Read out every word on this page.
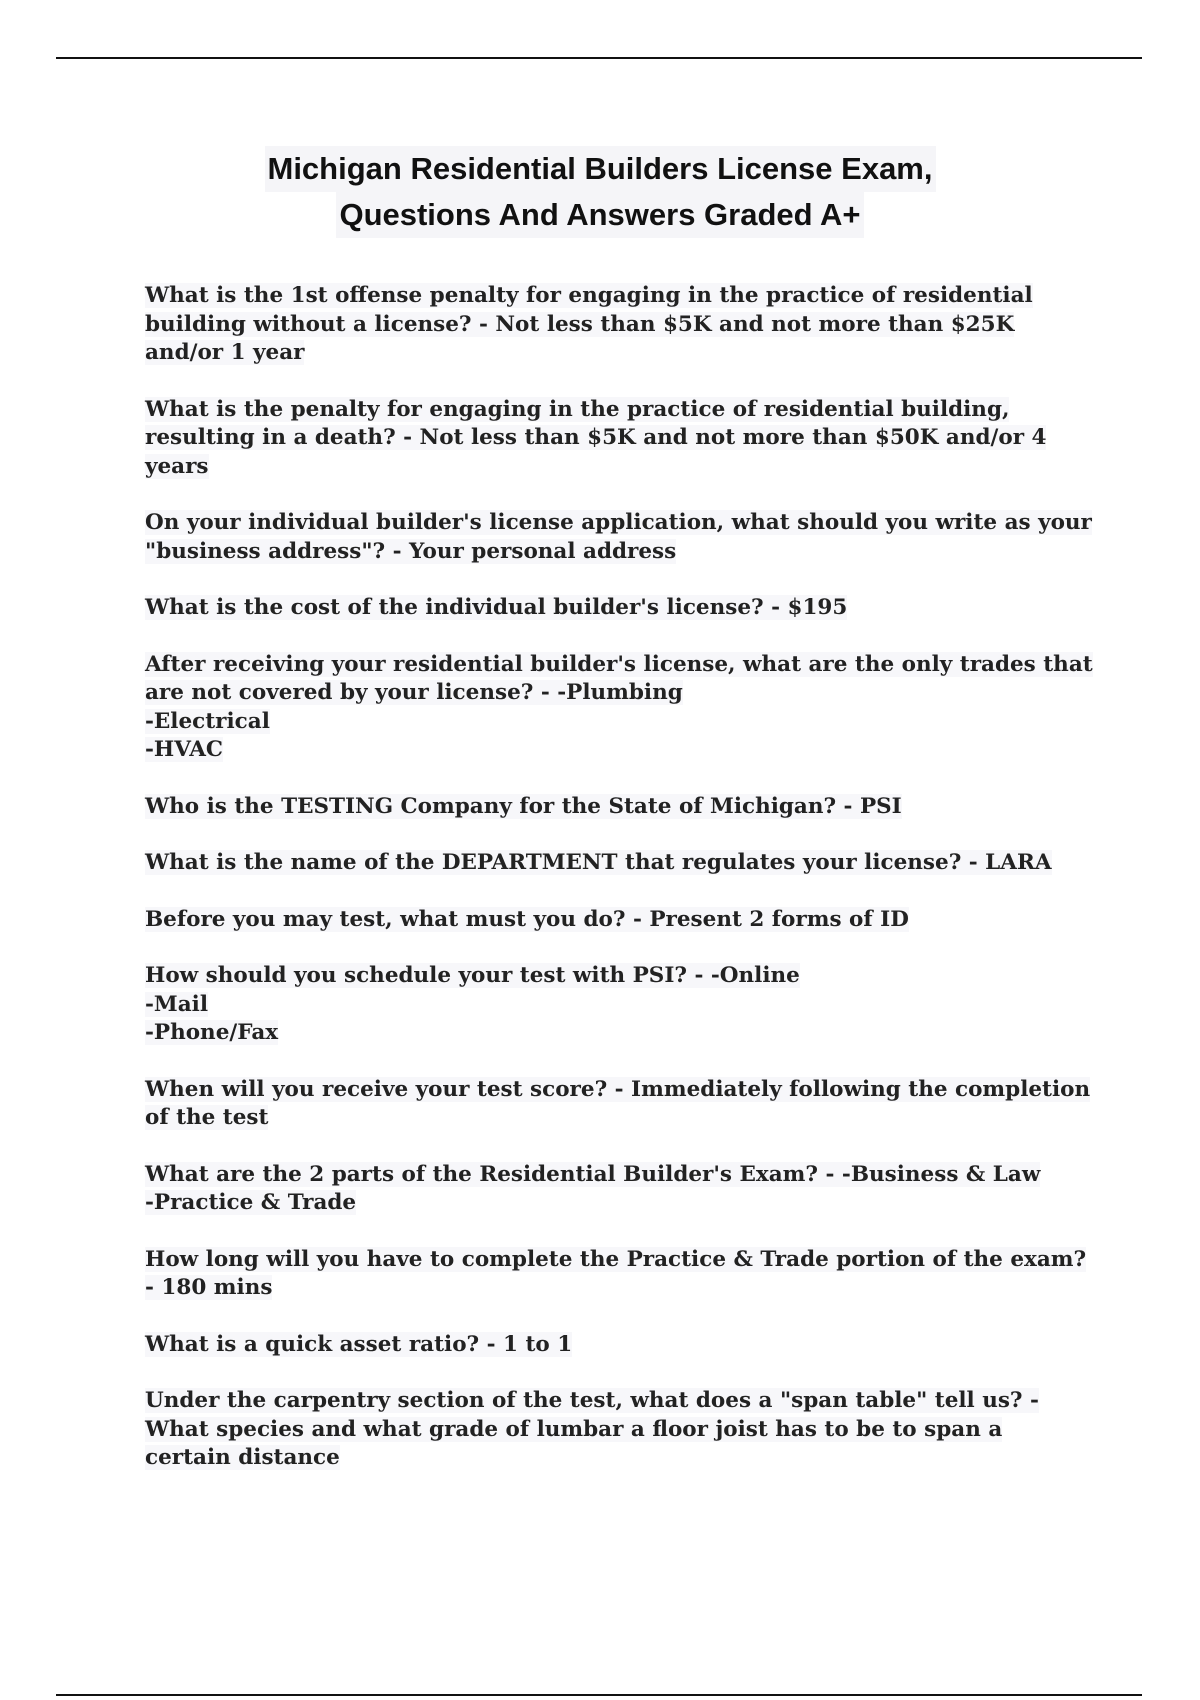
Michigan Residential Builders License Exam,
Questions And Answers Graded A+
What is the 1st offense penalty for engaging in the practice of residential building without a license? - Not less than $5K and not more than $25K and/or 1 year
What is the penalty for engaging in the practice of residential building, resulting in a death? - Not less than $5K and not more than $50K and/or 4 years
On your individual builder's license application, what should you write as your "business address"? - Your personal address
What is the cost of the individual builder's license? - $195
After receiving your residential builder's license, what are the only trades that are not covered by your license? - -Plumbing
-Electrical
-HVAC
Who is the TESTING Company for the State of Michigan? - PSI
What is the name of the DEPARTMENT that regulates your license? - LARA
Before you may test, what must you do? - Present 2 forms of ID
How should you schedule your test with PSI? - -Online
-Mail
-Phone/Fax
When will you receive your test score? - Immediately following the completion of the test
What are the 2 parts of the Residential Builder's Exam? - -Business & Law
-Practice & Trade
How long will you have to complete the Practice & Trade portion of the exam? - 180 mins
What is a quick asset ratio? - 1 to 1
Under the carpentry section of the test, what does a "span table" tell us? - What species and what grade of lumbar a floor joist has to be to span a certain distance
